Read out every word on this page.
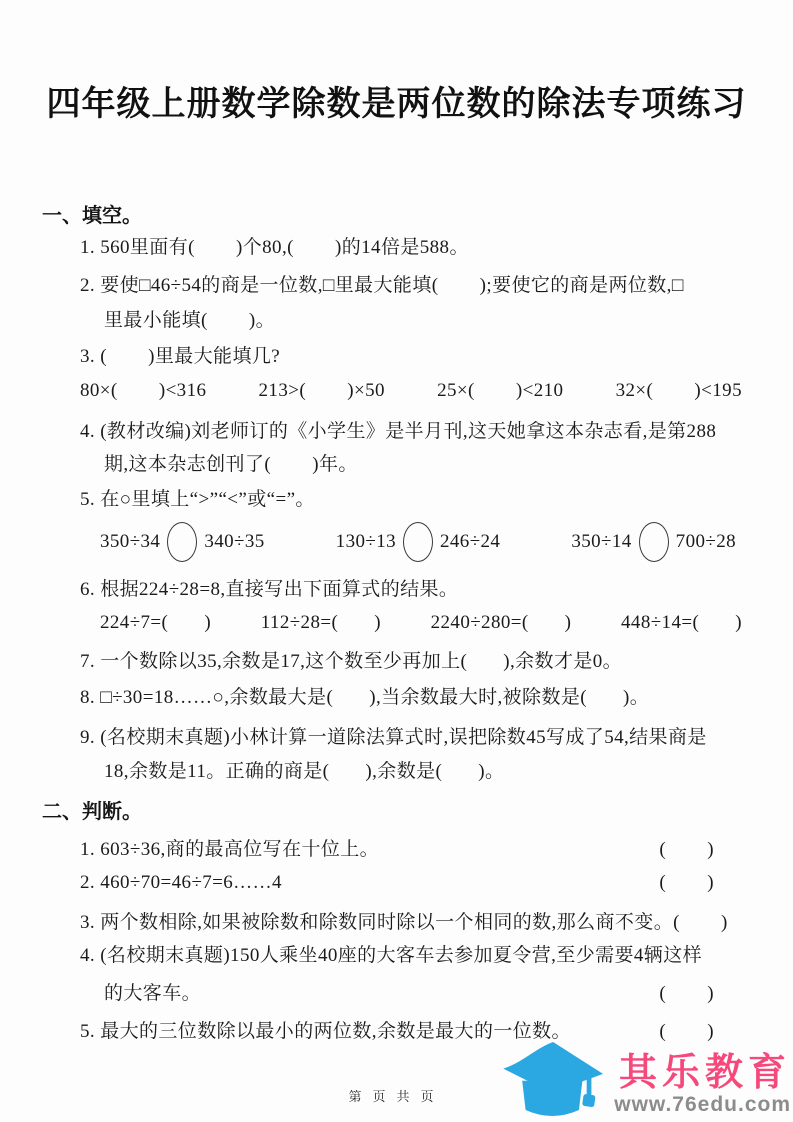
四年级上册数学除数是两位数的除法专项练习
一、填空。
1. 560里面有(        )个80,(        )的14倍是588。
2. 要使□46÷54的商是一位数,□里最大能填(        );要使它的商是两位数,□
里最小能填(        )。
3. (        )里最大能填几?
80×(        )<316	213>(        )×50	25×(        )<210	32×(        )<195
4. (教材改编)刘老师订的《小学生》是半月刊,这天她拿这本杂志看,是第288
期,这本杂志创刊了(        )年。
5. 在○里填上“>”“<”或“=”。
350÷34 340÷35	130÷13 246÷24	350÷14 700÷28
6. 根据224÷28=8,直接写出下面算式的结果。
224÷7=(       )	112÷28=(       )	2240÷280=(       )	448÷14=(       )
7. 一个数除以35,余数是17,这个数至少再加上(       ),余数才是0。
8. □÷30=18……○,余数最大是(       ),当余数最大时,被除数是(       )。
9. (名校期末真题)小林计算一道除法算式时,误把除数45写成了54,结果商是
18,余数是11。正确的商是(       ),余数是(       )。
二、判断。
1. 603÷36,商的最高位写在十位上。	(        )
2. 460÷70=46÷7=6……4	(        )
3. 两个数相除,如果被除数和除数同时除以一个相同的数,那么商不变。 (        )
4. (名校期末真题)150人乘坐40座的大客车去参加夏令营,至少需要4辆这样
的大客车。	(        )
5. 最大的三位数除以最小的两位数,余数是最大的一位数。	(        )
第页共页
其乐教育
www.76edu.com
